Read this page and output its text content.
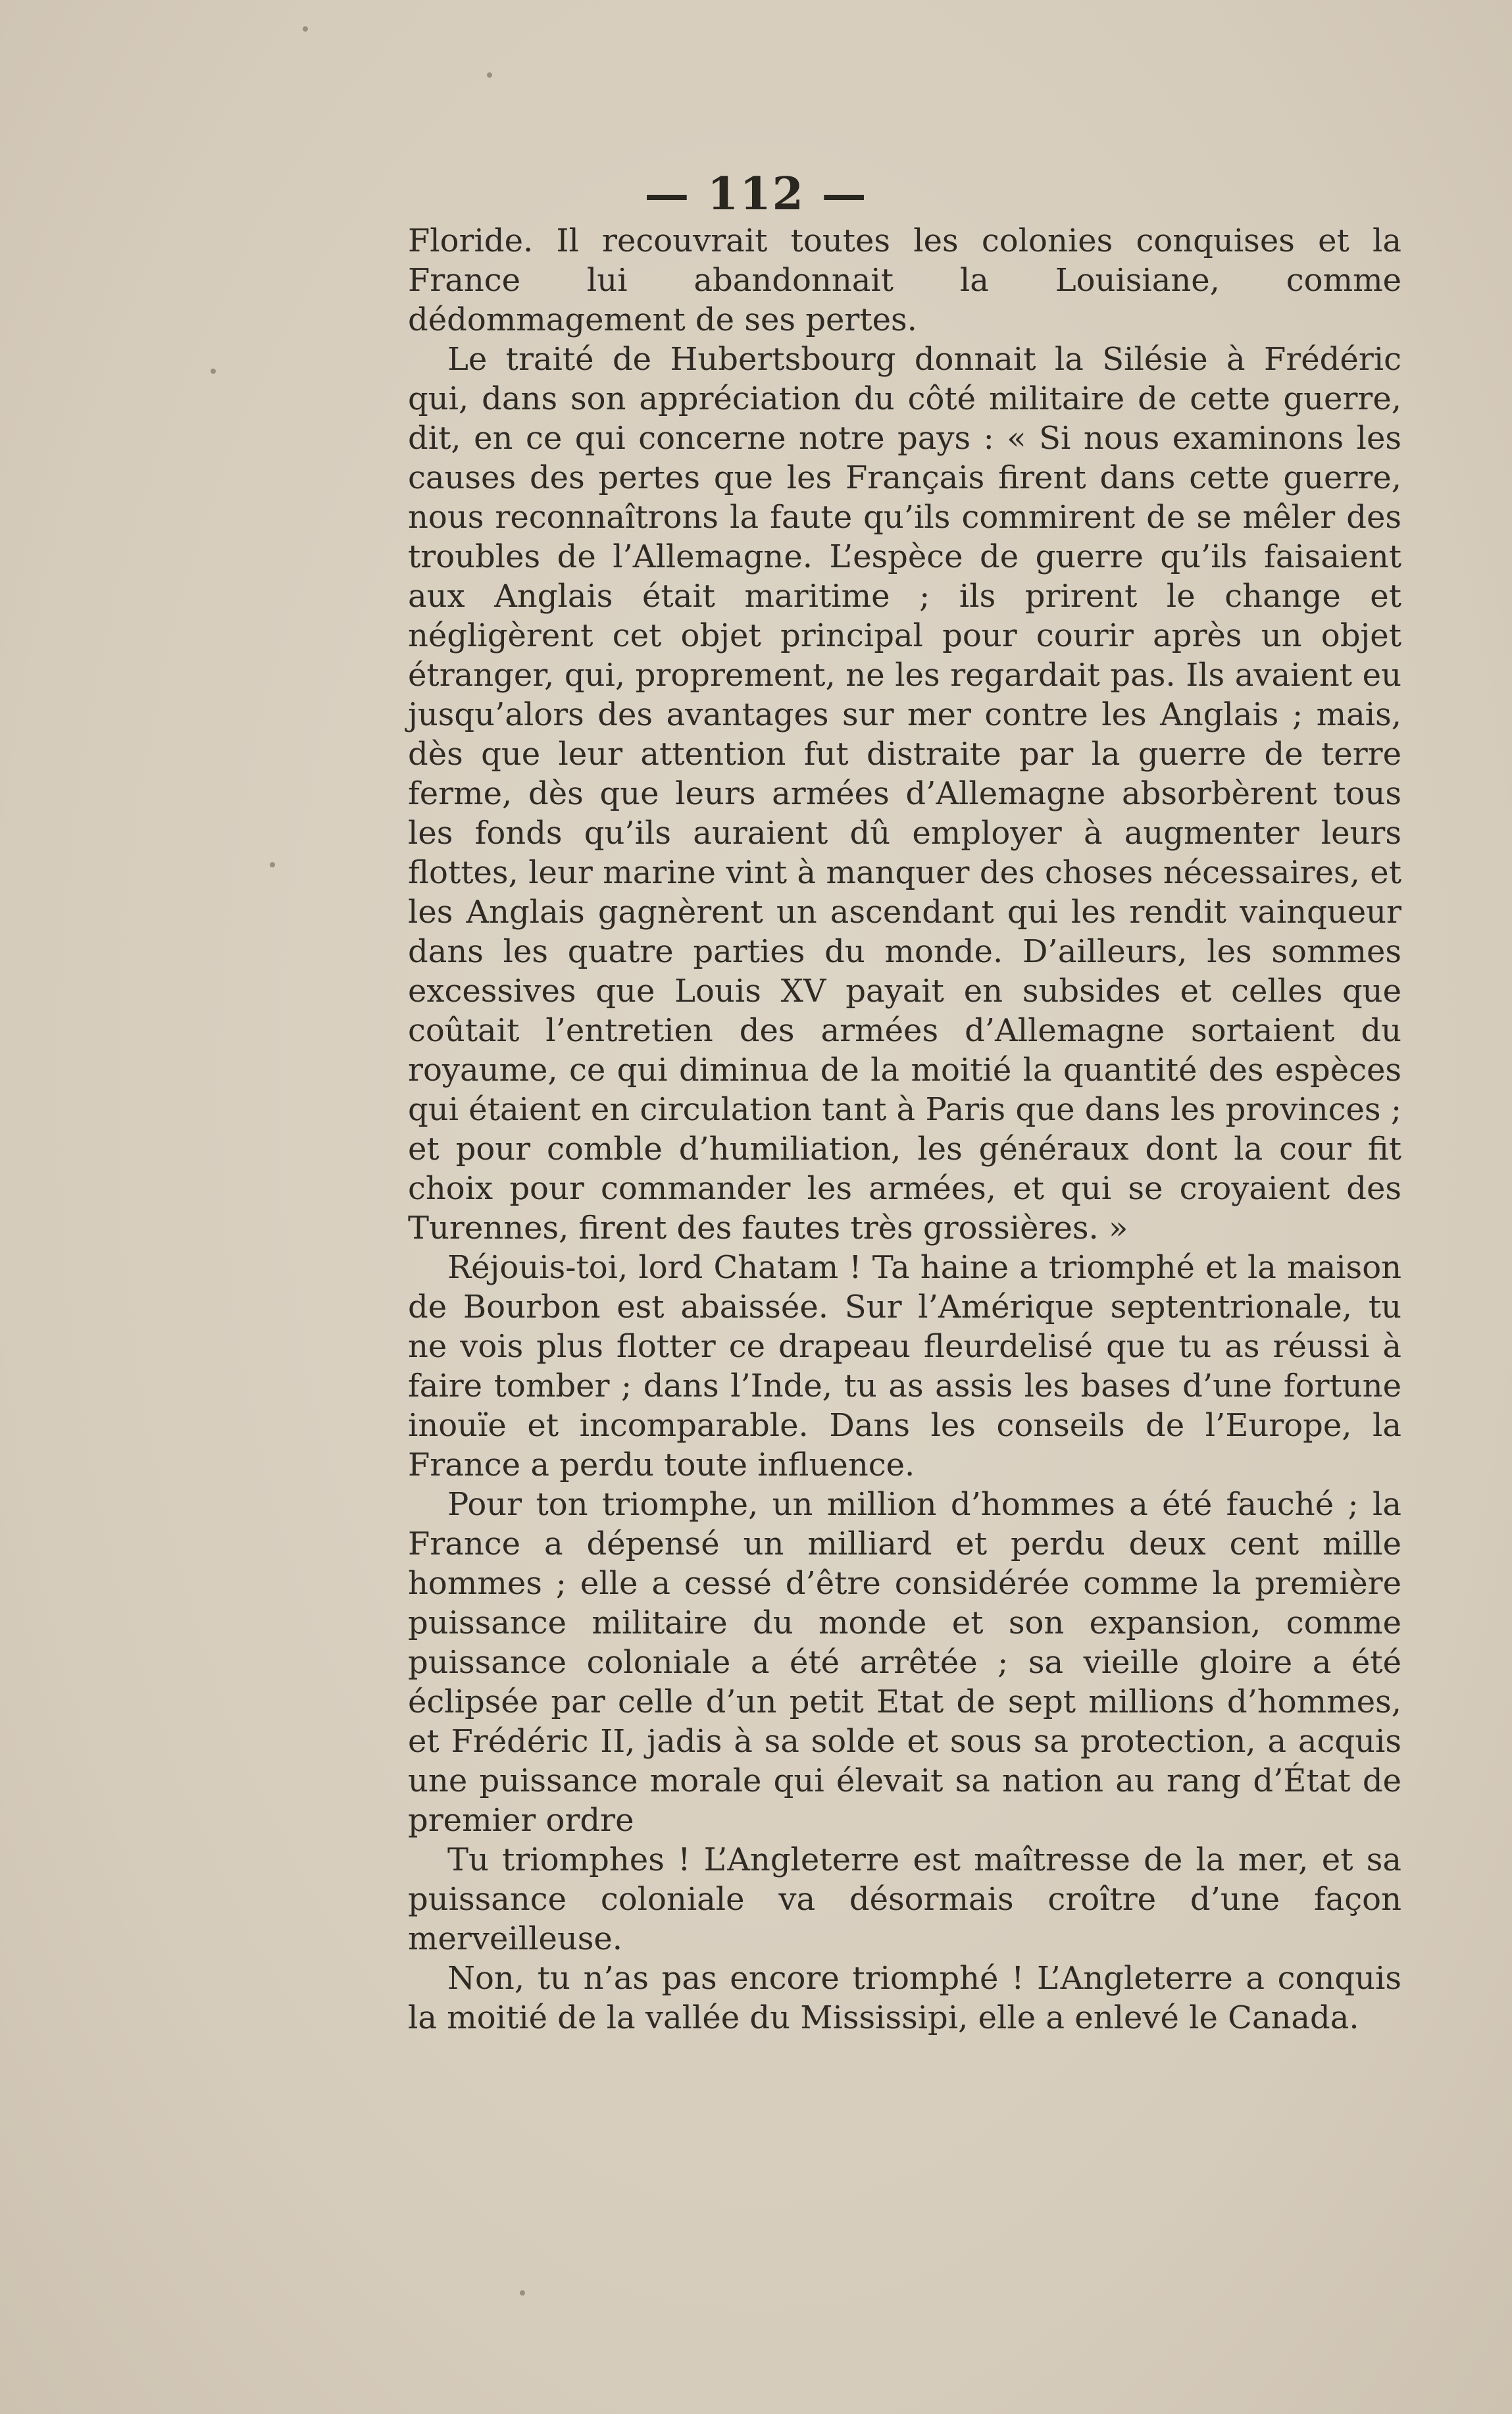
— 112 —

Floride. Il recouvrait toutes les colonies conquises et la France lui abandonnait la Louisiane, comme dédommagement de ses pertes.

Le traité de Hubertsbourg donnait la Silésie à Frédéric qui, dans son appréciation du côté militaire de cette guerre, dit, en ce qui concerne notre pays : « Si nous examinons les causes des pertes que les Français firent dans cette guerre, nous reconnaîtrons la faute qu’ils commirent de se mêler des troubles de l’Allemagne. L’espèce de guerre qu’ils faisaient aux Anglais était maritime ; ils prirent le change et négligèrent cet objet principal pour courir après un objet étranger, qui, proprement, ne les regardait pas. Ils avaient eu jusqu’alors des avantages sur mer contre les Anglais ; mais, dès que leur attention fut distraite par la guerre de terre ferme, dès que leurs armées d’Allemagne absorbèrent tous les fonds qu’ils auraient dû employer à augmenter leurs flottes, leur marine vint à manquer des choses nécessaires, et les Anglais gagnèrent un ascendant qui les rendit vainqueur dans les quatre parties du monde. D’ailleurs, les sommes excessives que Louis XV payait en subsides et celles que coûtait l’entretien des armées d’Allemagne sortaient du royaume, ce qui diminua de la moitié la quantité des espèces qui étaient en circulation tant à Paris que dans les provinces ; et pour comble d’humiliation, les généraux dont la cour fit choix pour commander les armées, et qui se croyaient des Turennes, firent des fautes très grossières. »

Réjouis-toi, lord Chatam ! Ta haine a triomphé et la maison de Bourbon est abaissée. Sur l’Amérique septentrionale, tu ne vois plus flotter ce drapeau fleurdelisé que tu as réussi à faire tomber ; dans l’Inde, tu as assis les bases d’une fortune inouïe et incomparable. Dans les conseils de l’Europe, la France a perdu toute influence.

Pour ton triomphe, un million d’hommes a été fauché ; la France a dépensé un milliard et perdu deux cent mille hommes ; elle a cessé d’être considérée comme la première puissance militaire du monde et son expansion, comme puissance coloniale a été arrêtée ; sa vieille gloire a été éclipsée par celle d’un petit Etat de sept millions d’hommes, et Frédéric II, jadis à sa solde et sous sa protection, a acquis une puissance morale qui élevait sa nation au rang d’État de premier ordre

Tu triomphes ! L’Angleterre est maîtresse de la mer, et sa puissance coloniale va désormais croître d’une façon merveilleuse.

Non, tu n’as pas encore triomphé ! L’Angleterre a conquis la moitié de la vallée du Mississipi, elle a enlevé le Canada.
